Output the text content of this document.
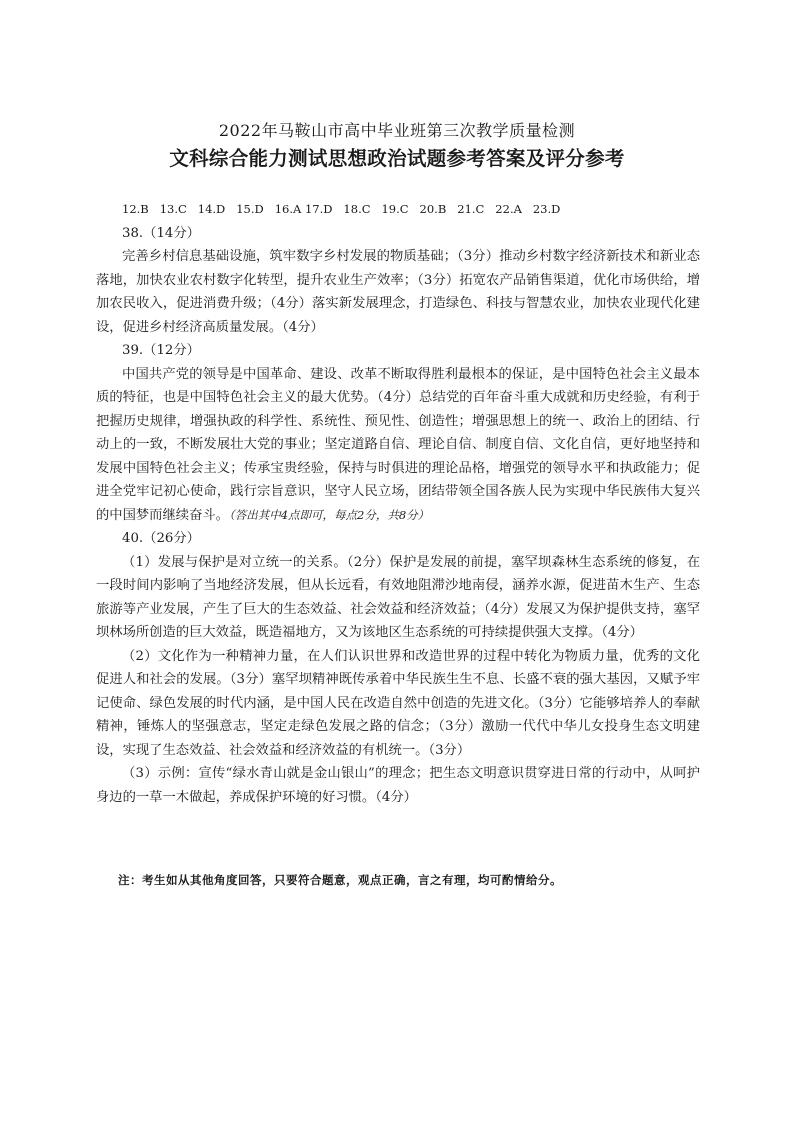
2022年马鞍山市高中毕业班第三次教学质量检测
文科综合能力测试思想政治试题参考答案及评分参考
12.B   13.C   14.D   15.D   16.A 17.D   18.C   19.C   20.B   21.C   22.A   23.D
38.（14分）

完善乡村信息基础设施，筑牢数字乡村发展的物质基础；（3分）推动乡村数字经济新技术和新业态落地，加快农业农村数字化转型，提升农业生产效率；（3分）拓宽农产品销售渠道，优化市场供给，增加农民收入，促进消费升级；（4分）落实新发展理念，打造绿色、科技与智慧农业，加快农业现代化建设，促进乡村经济高质量发展。（4分）

39.（12分）

中国共产党的领导是中国革命、建设、改革不断取得胜利最根本的保证，是中国特色社会主义最本质的特征，也是中国特色社会主义的最大优势。（4分）总结党的百年奋斗重大成就和历史经验，有利于把握历史规律，增强执政的科学性、系统性、预见性、创造性；增强思想上的统一、政治上的团结、行动上的一致，不断发展壮大党的事业；坚定道路自信、理论自信、制度自信、文化自信，更好地坚持和发展中国特色社会主义；传承宝贵经验，保持与时俱进的理论品格，增强党的领导水平和执政能力；促进全党牢记初心使命，践行宗旨意识，坚守人民立场，团结带领全国各族人民为实现中华民族伟大复兴的中国梦而继续奋斗。（答出其中4点即可，每点2分，共8分）

40.（26分）

（1）发展与保护是对立统一的关系。（2分）保护是发展的前提，塞罕坝森林生态系统的修复，在一段时间内影响了当地经济发展，但从长远看，有效地阻滞沙地南侵，涵养水源，促进苗木生产、生态旅游等产业发展，产生了巨大的生态效益、社会效益和经济效益；（4分）发展又为保护提供支持，塞罕坝林场所创造的巨大效益，既造福地方，又为该地区生态系统的可持续提供强大支撑。（4分）

（2）文化作为一种精神力量，在人们认识世界和改造世界的过程中转化为物质力量，优秀的文化促进人和社会的发展。（3分）塞罕坝精神既传承着中华民族生生不息、长盛不衰的强大基因，又赋予牢记使命、绿色发展的时代内涵，是中国人民在改造自然中创造的先进文化。（3分）它能够培养人的奉献精神，锤炼人的坚强意志，坚定走绿色发展之路的信念；（3分）激励一代代中华儿女投身生态文明建设，实现了生态效益、社会效益和经济效益的有机统一。（3分）

（3）示例：宣传“绿水青山就是金山银山”的理念；把生态文明意识贯穿进日常的行动中，从呵护身边的一草一木做起，养成保护环境的好习惯。（4分）

注：考生如从其他角度回答，只要符合题意，观点正确，言之有理，均可酌情给分。
